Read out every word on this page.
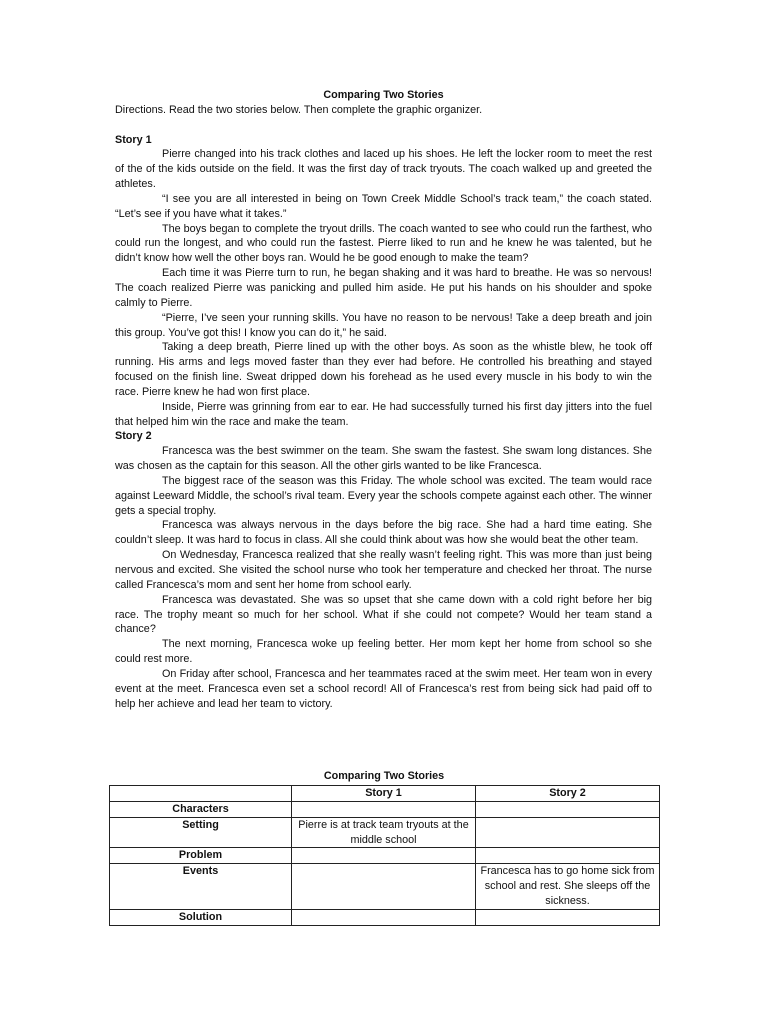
Comparing Two Stories

Directions. Read the two stories below. Then complete the graphic organizer.

Story 1

Pierre changed into his track clothes and laced up his shoes. He left the locker room to meet the rest of the of the kids outside on the field. It was the first day of track tryouts. The coach walked up and greeted the athletes.

“I see you are all interested in being on Town Creek Middle School’s track team,” the coach stated. “Let’s see if you have what it takes.”

The boys began to complete the tryout drills. The coach wanted to see who could run the farthest, who could run the longest, and who could run the fastest. Pierre liked to run and he knew he was talented, but he didn’t know how well the other boys ran. Would he be good enough to make the team?

Each time it was Pierre turn to run, he began shaking and it was hard to breathe. He was so nervous! The coach realized Pierre was panicking and pulled him aside. He put his hands on his shoulder and spoke calmly to Pierre.

“Pierre, I’ve seen your running skills. You have no reason to be nervous! Take a deep breath and join this group. You’ve got this! I know you can do it,” he said.

Taking a deep breath, Pierre lined up with the other boys. As soon as the whistle blew, he took off running. His arms and legs moved faster than they ever had before. He controlled his breathing and stayed focused on the finish line. Sweat dripped down his forehead as he used every muscle in his body to win the race. Pierre knew he had won first place.

Inside, Pierre was grinning from ear to ear. He had successfully turned his first day jitters into the fuel that helped him win the race and make the team.

Story 2

Francesca was the best swimmer on the team. She swam the fastest. She swam long distances. She was chosen as the captain for this season. All the other girls wanted to be like Francesca.

The biggest race of the season was this Friday. The whole school was excited. The team would race against Leeward Middle, the school’s rival team. Every year the schools compete against each other. The winner gets a special trophy.

Francesca was always nervous in the days before the big race. She had a hard time eating. She couldn’t sleep. It was hard to focus in class. All she could think about was how she would beat the other team.

On Wednesday, Francesca realized that she really wasn’t feeling right. This was more than just being nervous and excited. She visited the school nurse who took her temperature and checked her throat. The nurse called Francesca’s mom and sent her home from school early.

Francesca was devastated. She was so upset that she came down with a cold right before her big race. The trophy meant so much for her school. What if she could not compete? Would her team stand a chance?

The next morning, Francesca woke up feeling better. Her mom kept her home from school so she could rest more.

On Friday after school, Francesca and her teammates raced at the swim meet. Her team won in every event at the meet. Francesca even set a school record! All of Francesca’s rest from being sick had paid off to help her achieve and lead her team to victory.

Comparing Two Stories
	Story 1	Story 2
Characters		
Setting	Pierre is at track team tryouts at the middle school	
Problem		
Events		Francesca has to go home sick from school and rest. She sleeps off the sickness.
Solution		
